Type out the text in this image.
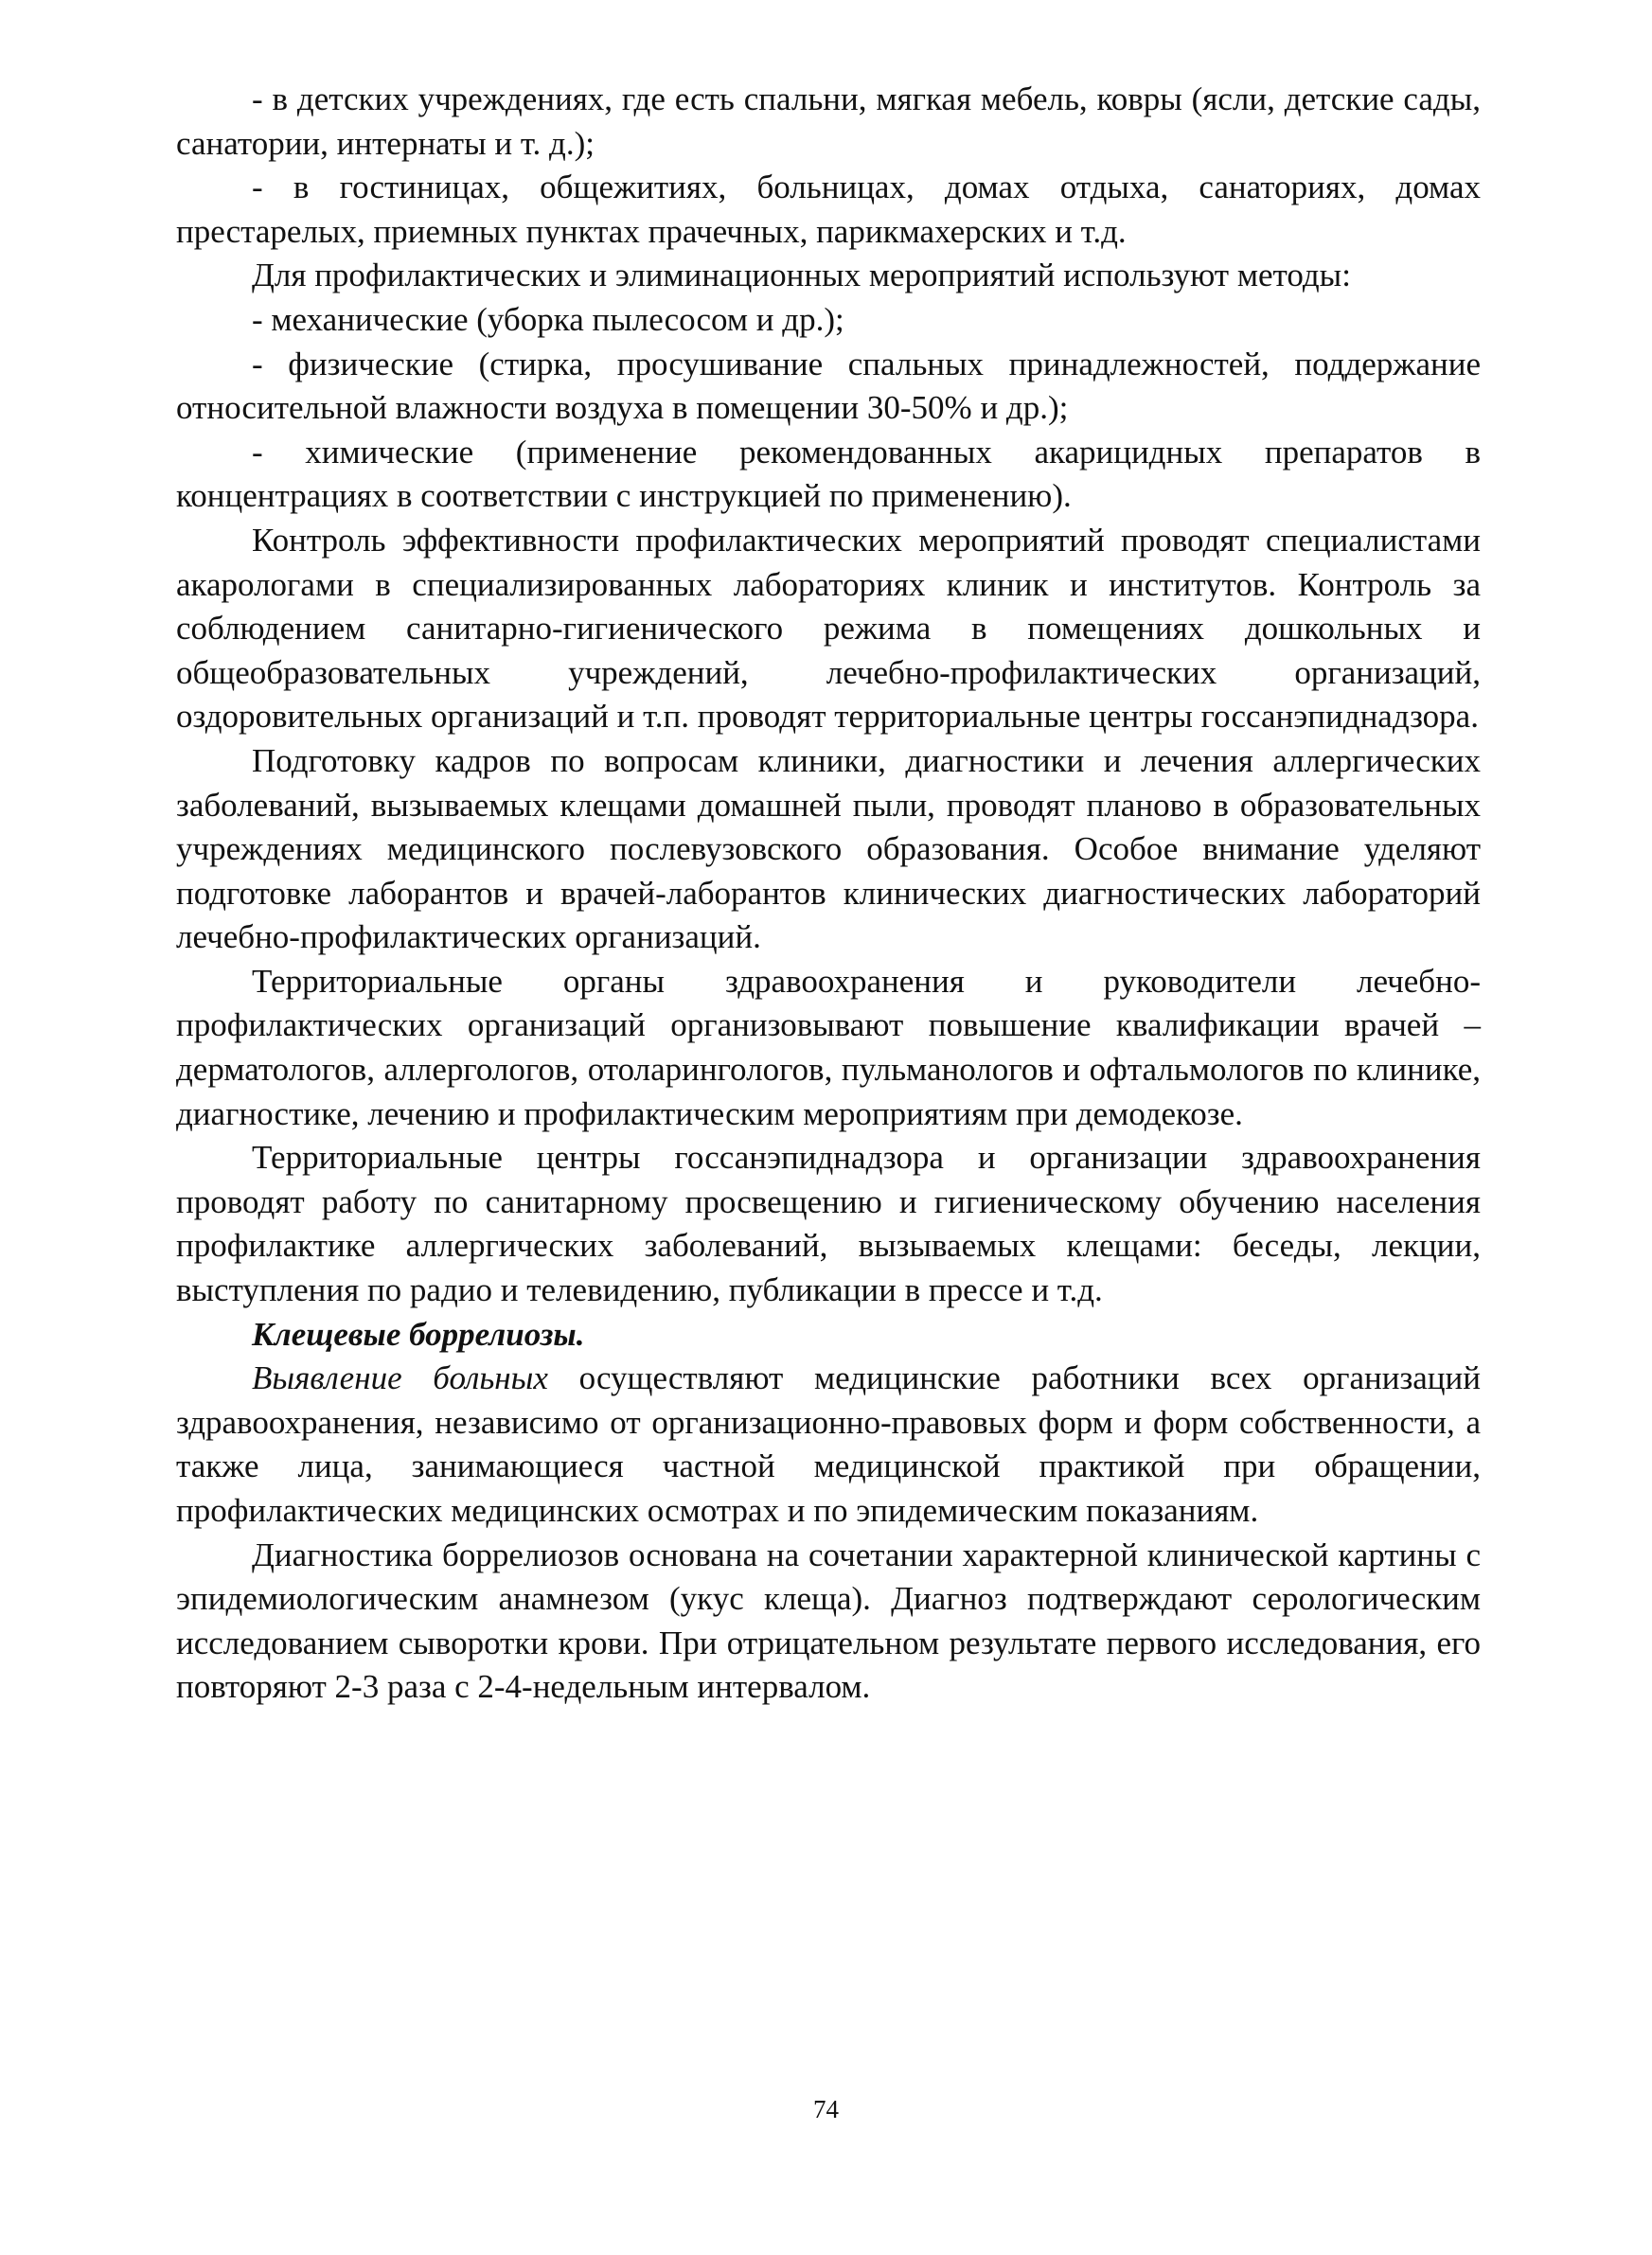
- в детских учреждениях, где есть спальни, мягкая мебель, ковры (ясли, детские сады, санатории, интернаты и т. д.);

- в гостиницах, общежитиях, больницах, домах отдыха, санаториях, домах престарелых, приемных пунктах прачечных, парикмахерских и т.д.

Для профилактических и элиминационных мероприятий используют методы:

- механические (уборка пылесосом и др.);

- физические (стирка, просушивание спальных принадлежностей, поддержание относительной влажности воздуха в помещении 30-50% и др.);

- химические (применение рекомендованных акарицидных препаратов в концентрациях в соответствии с инструкцией по применению).

Контроль эффективности профилактических мероприятий проводят специалистами акарологами в специализированных лабораториях клиник и институтов. Контроль за соблюдением санитарно-гигиенического режима в помещениях дошкольных и общеобразовательных учреждений, лечебно-профилактических организаций, оздоровительных организаций и т.п. проводят территориальные центры госсанэпиднадзора.

Подготовку кадров по вопросам клиники, диагностики и лечения аллергических заболеваний, вызываемых клещами домашней пыли, проводят планово в образовательных учреждениях медицинского послевузовского образования. Особое внимание уделяют подготовке лаборантов и врачей-лаборантов клинических диагностических лабораторий лечебно-профилактических организаций.

Территориальные органы здравоохранения и руководители лечебно-профилактических организаций организовывают повышение квалификации врачей – дерматологов, аллергологов, отоларингологов, пульманологов и офтальмологов по клинике, диагностике, лечению и профилактическим мероприятиям при демодекозе.

Территориальные центры госсанэпиднадзора и организации здравоохранения проводят работу по санитарному просвещению и гигиеническому обучению населения профилактике аллергических заболеваний, вызываемых клещами: беседы, лекции, выступления по радио и телевидению, публикации в прессе и т.д.

Клещевые боррелиозы.

Выявление больных осуществляют медицинские работники всех организаций здравоохранения, независимо от организационно-правовых форм и форм собственности, а также лица, занимающиеся частной медицинской практикой при обращении, профилактических медицинских осмотрах и по эпидемическим показаниям.

Диагностика боррелиозов основана на сочетании характерной клинической картины с эпидемиологическим анамнезом (укус клеща). Диагноз подтверждают серологическим исследованием сыворотки крови. При отрицательном результате первого исследования, его повторяют 2-3 раза с 2-4-недельным интервалом.

74
